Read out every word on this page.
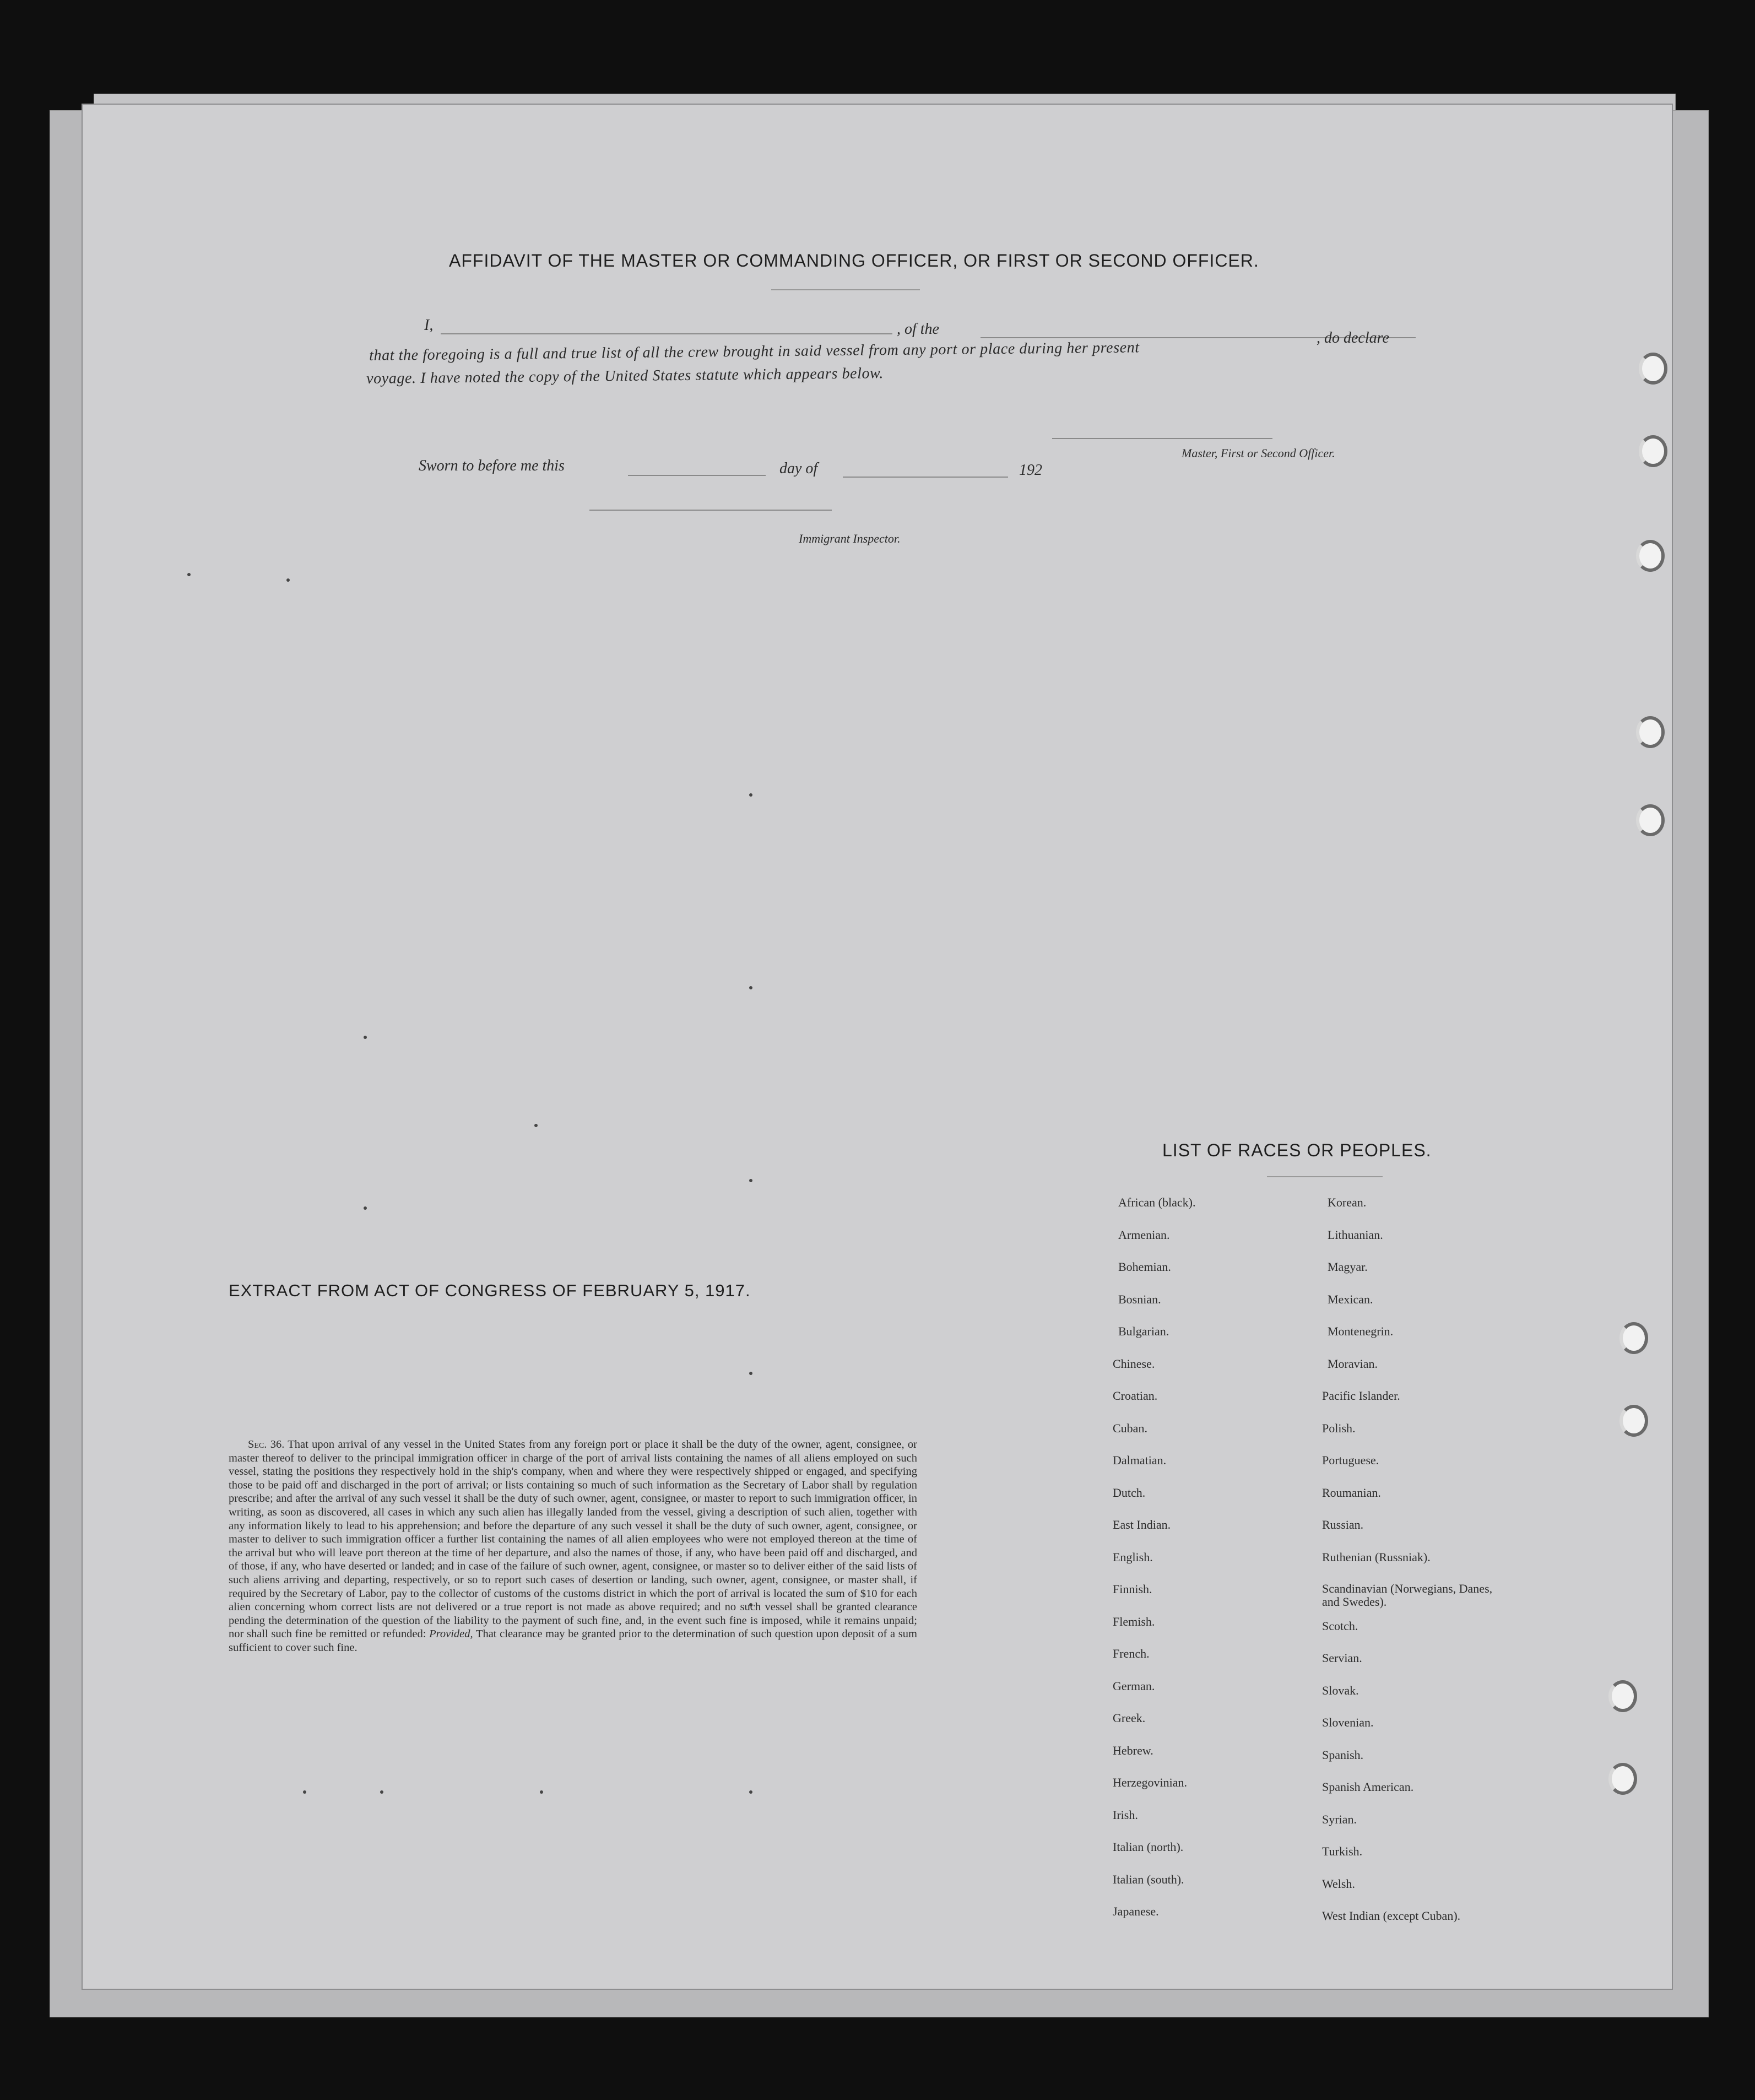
AFFIDAVIT OF THE MASTER OR COMMANDING OFFICER, OR FIRST OR SECOND OFFICER.
I,	, of the
, do declare
that the foregoing is a full and true list of all the crew brought in said vessel from any port or place during her present
voyage. I have noted the copy of the United States statute which appears below.
Master, First or Second Officer.
Sworn to before me this	day of	192
Immigrant Inspector.
EXTRACT FROM ACT OF CONGRESS OF FEBRUARY 5, 1917.
Sec. 36. That upon arrival of any vessel in the United States from any foreign port or place it shall be the duty of the owner, agent, consignee, or master thereof to deliver to the principal immigration officer in charge of the port of arrival lists containing the names of all aliens employed on such vessel, stating the positions they respectively hold in the ship's company, when and where they were respectively shipped or engaged, and specifying those to be paid off and discharged in the port of arrival; or lists containing so much of such information as the Secretary of Labor shall by regulation prescribe; and after the arrival of any such vessel it shall be the duty of such owner, agent, consignee, or master to report to such immigration officer, in writing, as soon as discovered, all cases in which any such alien has illegally landed from the vessel, giving a description of such alien, together with any information likely to lead to his apprehension; and before the departure of any such vessel it shall be the duty of such owner, agent, consignee, or master to deliver to such immigration officer a further list containing the names of all alien employees who were not employed thereon at the time of the arrival but who will leave port thereon at the time of her departure, and also the names of those, if any, who have been paid off and discharged, and of those, if any, who have deserted or landed; and in case of the failure of such owner, agent, consignee, or master so to deliver either of the said lists of such aliens arriving and departing, respectively, or so to report such cases of desertion or landing, such owner, agent, consignee, or master shall, if required by the Secretary of Labor, pay to the collector of customs of the customs district in which the port of arrival is located the sum of $10 for each alien concerning whom correct lists are not delivered or a true report is not made as above required; and no such vessel shall be granted clearance pending the determination of the question of the liability to the payment of such fine, and, in the event such fine is imposed, while it remains unpaid; nor shall such fine be remitted or refunded: Provided, That clearance may be granted prior to the determination of such question upon deposit of a sum sufficient to cover such fine.
LIST OF RACES OR PEOPLES.
African (black).
Armenian.
Bohemian.
Bosnian.
Bulgarian.
Chinese.
Croatian.
Cuban.
Dalmatian.
Dutch.
East Indian.
English.
Finnish.
Flemish.
French.
German.
Greek.
Hebrew.
Herzegovinian.
Irish.
Italian (north).
Italian (south).
Japanese.
Korean.
Lithuanian.
Magyar.
Mexican.
Montenegrin.
Moravian.
Pacific Islander.
Polish.
Portuguese.
Roumanian.
Russian.
Ruthenian (Russniak).
Scandinavian (Norwegians, Danes, and Swedes).
Scotch.
Servian.
Slovak.
Slovenian.
Spanish.
Spanish American.
Syrian.
Turkish.
Welsh.
West Indian (except Cuban).
